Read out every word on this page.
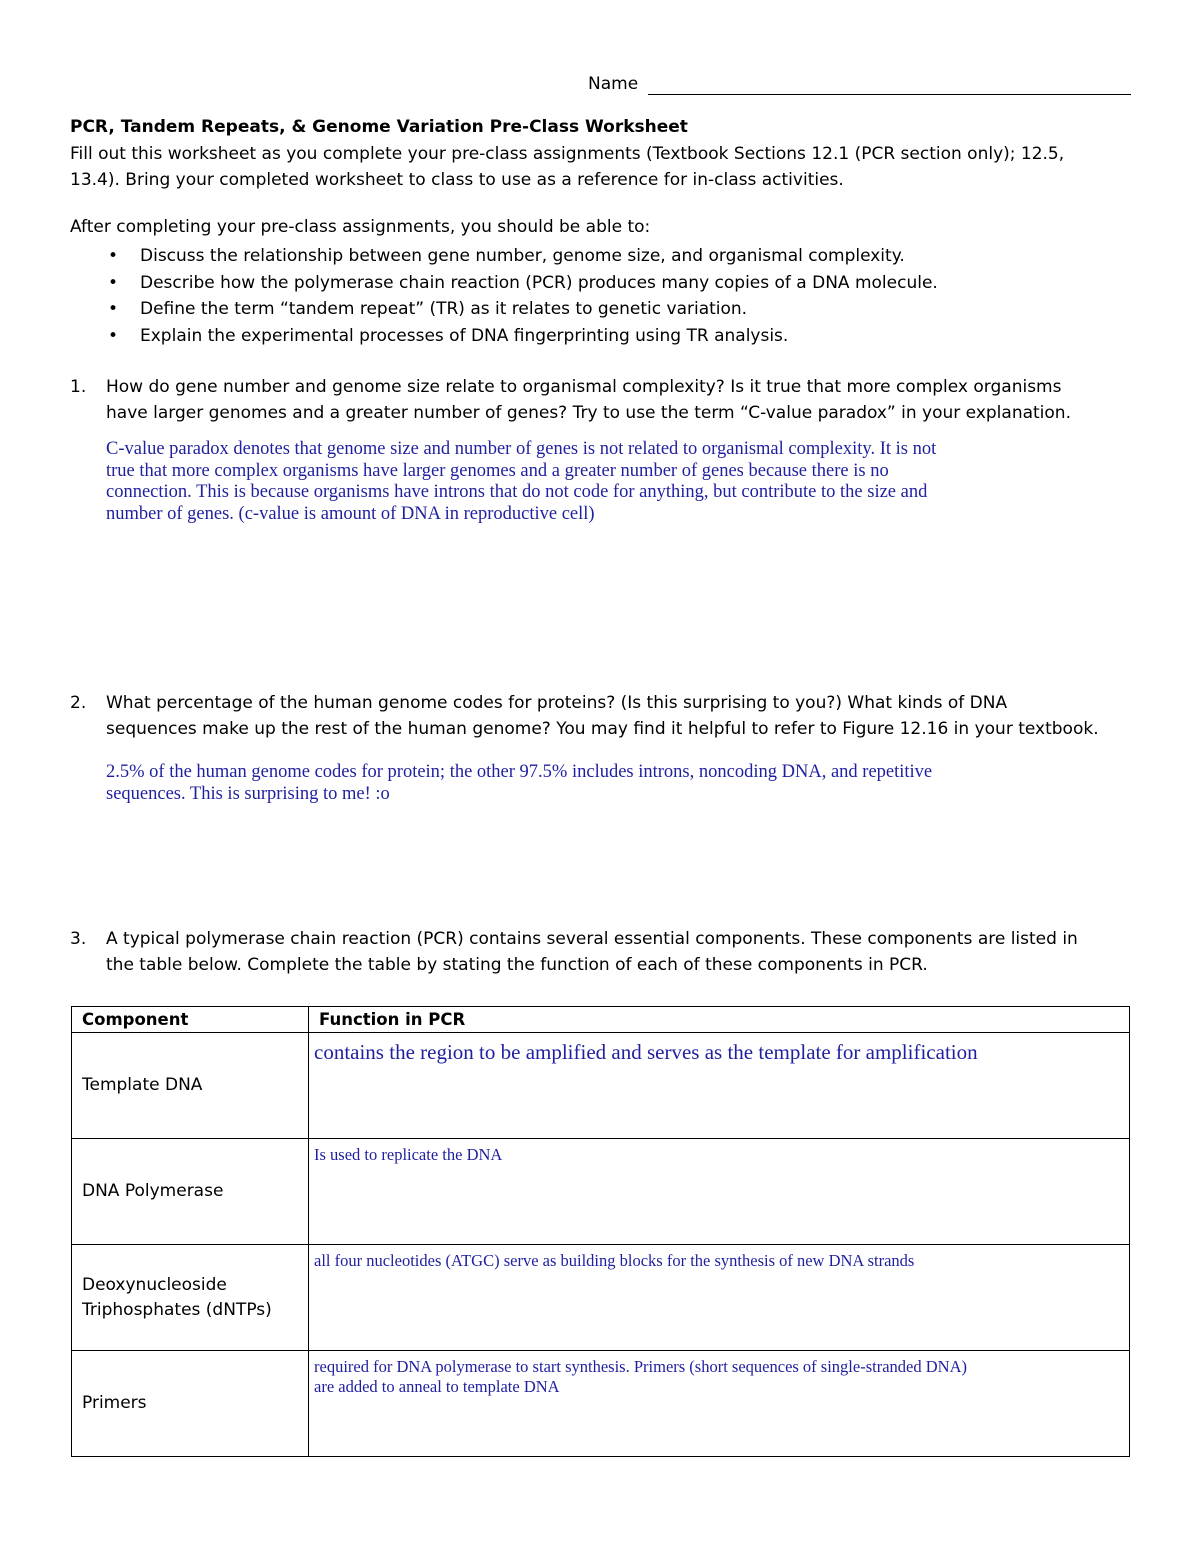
Name
PCR, Tandem Repeats, & Genome Variation Pre-Class Worksheet

Fill out this worksheet as you complete your pre-class assignments (Textbook Sections 12.1 (PCR section only); 12.5,

13.4). Bring your completed worksheet to class to use as a reference for in-class activities.

After completing your pre-class assignments, you should be able to:
• Discuss the relationship between gene number, genome size, and organismal complexity.
• Describe how the polymerase chain reaction (PCR) produces many copies of a DNA molecule.
• Define the term “tandem repeat” (TR) as it relates to genetic variation.
• Explain the experimental processes of DNA fingerprinting using TR analysis.
1. How do gene number and genome size relate to organismal complexity? Is it true that more complex organisms
have larger genomes and a greater number of genes? Try to use the term “C-value paradox” in your explanation.
C-value paradox denotes that genome size and number of genes is not related to organismal complexity. It is not
true that more complex organisms have larger genomes and a greater number of genes because there is no
connection. This is because organisms have introns that do not code for anything, but contribute to the size and
number of genes. (c-value is amount of DNA in reproductive cell)
2. What percentage of the human genome codes for proteins? (Is this surprising to you?) What kinds of DNA
sequences make up the rest of the human genome? You may find it helpful to refer to Figure 12.16 in your textbook.
2.5% of the human genome codes for protein; the other 97.5% includes introns, noncoding DNA, and repetitive
sequences. This is surprising to me! :o
3. A typical polymerase chain reaction (PCR) contains several essential components. These components are listed in
the table below. Complete the table by stating the function of each of these components in PCR.
Component	Function in PCR

Template DNA	contains the region to be amplified and serves as the template for amplification

DNA Polymerase	Is used to replicate the DNA

Deoxynucleoside
Triphosphates (dNTPs)	all four nucleotides (ATGC) serve as building blocks for the synthesis of new DNA strands

Primers	required for DNA polymerase to start synthesis. Primers (short sequences of single-stranded DNA)
are added to anneal to template DNA
